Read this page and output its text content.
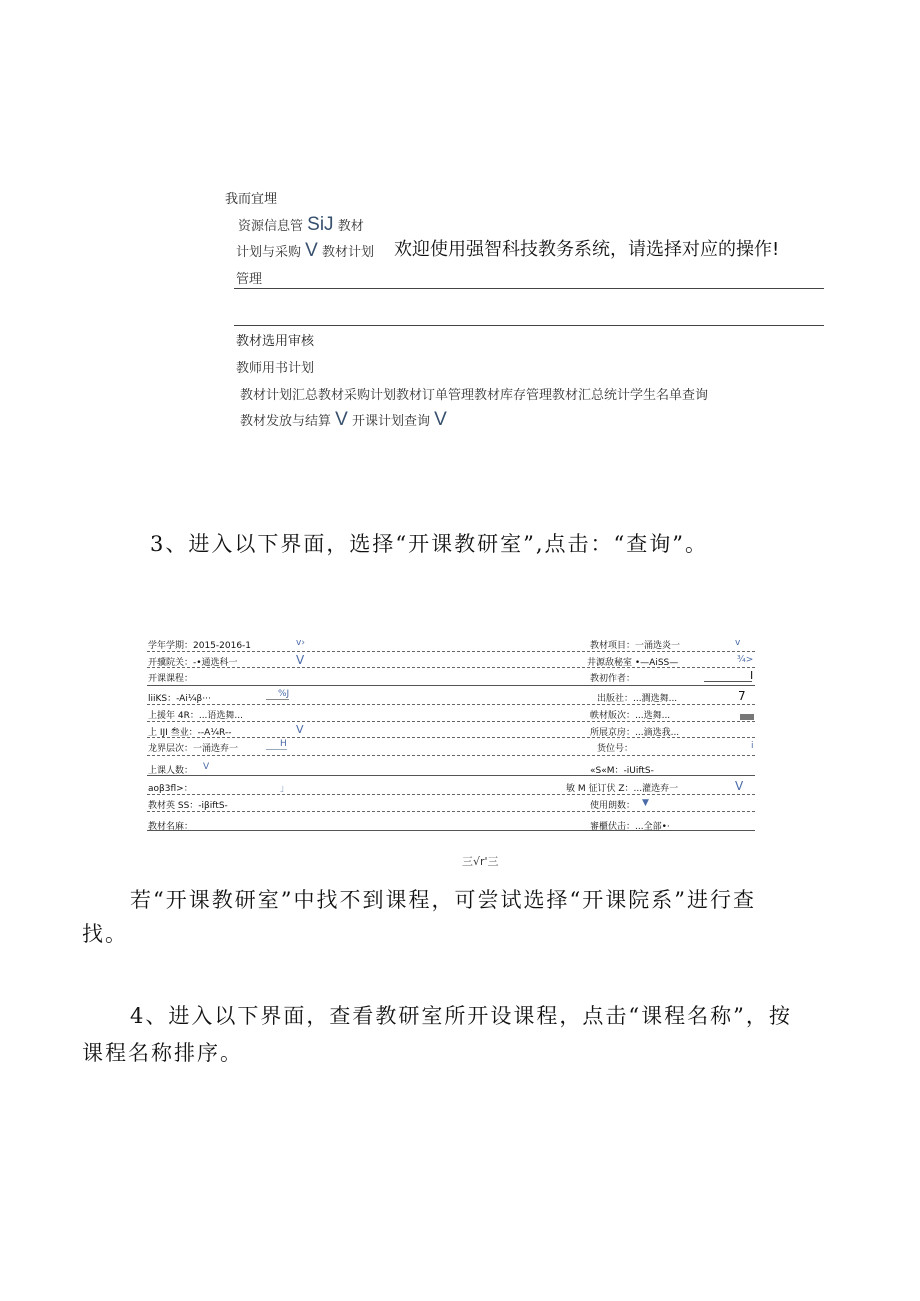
我而宜埋
资源信息管 SiJ 教材
计划与采购 V 教材计划 欢迎使用强智科技教务系统，请选择对应的操作!
管理
教材选用审核
教师用书计划
教材计划汇总教材采购计划教材订单管理教材库存管理教材汇总统计学生名单查询
教材发放与结算 V 开课计划查询 V
3、进入以下界面，选择“开课教研室”,点击：“查询”。
学年学期：2015-2016-1	v›	教材项目：一涌选炎一	v
开骥院关：-•通选科一	V	井源敌秘室 •—AiSS—	¾>
开课课程：	教初作者：	I
liiKS：-Ai¼β···	%J	出版社：...澗选舞...	7
上援年 4R：...语选舞...	帙材版次：...选舞...
上 IJI 叁业：--A¼R--	V	所展京房：...滴选我...
龙界层次：一涌选弃一	H	货位号：	i
上课人数： V	«S«M：-iUiftS-
aoβ3fl>：	」	敏 M 征订伏 Z：...灌选弃一	V
教材英 SS：-iβiftS-	使用朗数： ▼
教材名麻：	審櫃伏击：...全部•·
三√r'三
若“开课教研室”中找不到课程，可尝试选择“开课院系”进行查
找。
4、进入以下界面，查看教研室所开设课程，点击“课程名称”，按
课程名称排序。
